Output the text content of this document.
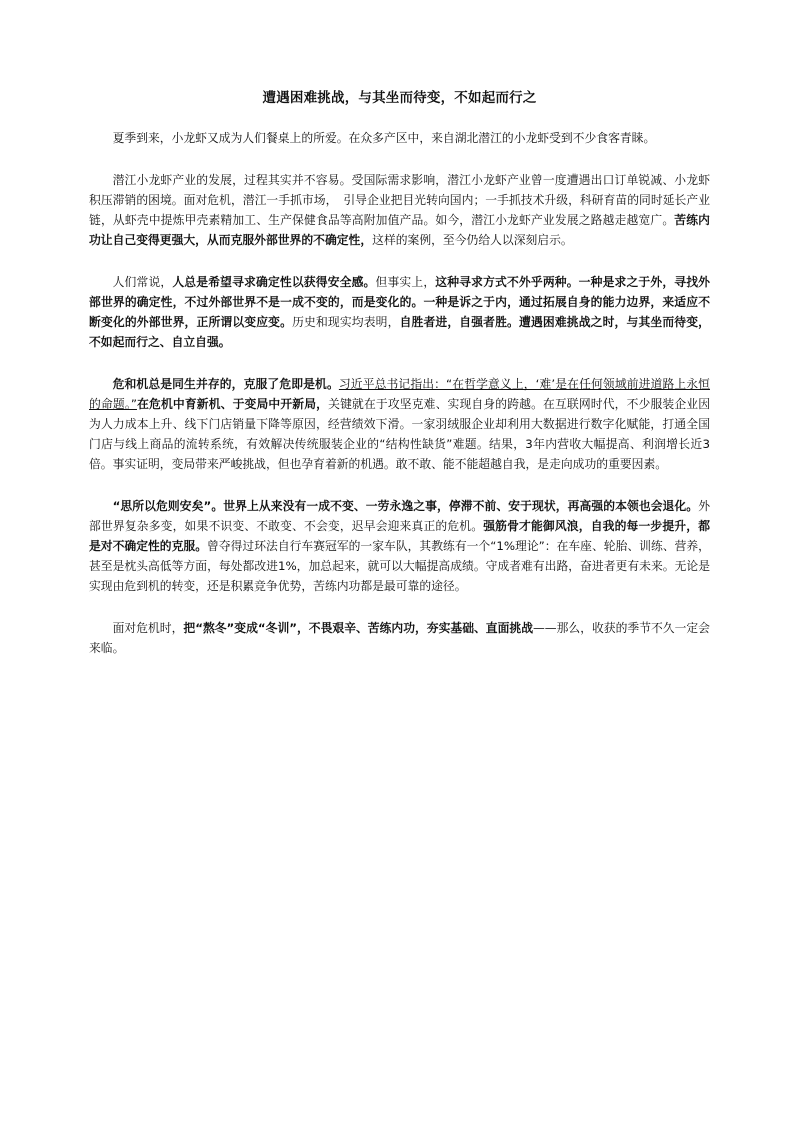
遭遇困难挑战，与其坐而待变，不如起而行之

夏季到来，小龙虾又成为人们餐桌上的所爱。在众多产区中，来自湖北潜江的小龙虾受到不少食客青睐。

潜江小龙虾产业的发展，过程其实并不容易。受国际需求影响，潜江小龙虾产业曾一度遭遇出口订单锐减、小龙虾积压滞销的困境。面对危机，潜江一手抓市场，　引导企业把目光转向国内；一手抓技术升级，科研育苗的同时延长产业链，从虾壳中提炼甲壳素精加工、生产保健食品等高附加值产品。如今，潜江小龙虾产业发展之路越走越宽广。苦练内功让自己变得更强大，从而克服外部世界的不确定性，这样的案例，至今仍给人以深刻启示。

人们常说，人总是希望寻求确定性以获得安全感。但事实上，这种寻求方式不外乎两种。一种是求之于外，寻找外部世界的确定性，不过外部世界不是一成不变的，而是变化的。一种是诉之于内，通过拓展自身的能力边界，来适应不断变化的外部世界，正所谓以变应变。历史和现实均表明，自胜者进，自强者胜。遭遇困难挑战之时，与其坐而待变，不如起而行之、自立自强。

危和机总是同生并存的，克服了危即是机。习近平总书记指出：“在哲学意义上，‘难’是在任何领域前进道路上永恒的命题。”在危机中育新机、于变局中开新局，关键就在于攻坚克难、实现自身的跨越。在互联网时代，不少服装企业因为人力成本上升、线下门店销量下降等原因，经营绩效下滑。一家羽绒服企业却利用大数据进行数字化赋能，打通全国门店与线上商品的流转系统，有效解决传统服装企业的“结构性缺货”难题。结果，3年内营收大幅提高、利润增长近3倍。事实证明，变局带来严峻挑战，但也孕育着新的机遇。敢不敢、能不能超越自我，是走向成功的重要因素。

“思所以危则安矣”。世界上从来没有一成不变、一劳永逸之事，停滞不前、安于现状，再高强的本领也会退化。外部世界复杂多变，如果不识变、不敢变、不会变，迟早会迎来真正的危机。强筋骨才能御风浪，自我的每一步提升，都是对不确定性的克服。曾夺得过环法自行车赛冠军的一家车队，其教练有一个“1%理论”：在车座、轮胎、训练、营养，甚至是枕头高低等方面，每处都改进1%，加总起来，就可以大幅提高成绩。守成者难有出路，奋进者更有未来。无论是实现由危到机的转变，还是积累竞争优势，苦练内功都是最可靠的途径。

面对危机时，把“熬冬”变成“冬训”，不畏艰辛、苦练内功，夯实基础、直面挑战——那么，收获的季节不久一定会来临。
